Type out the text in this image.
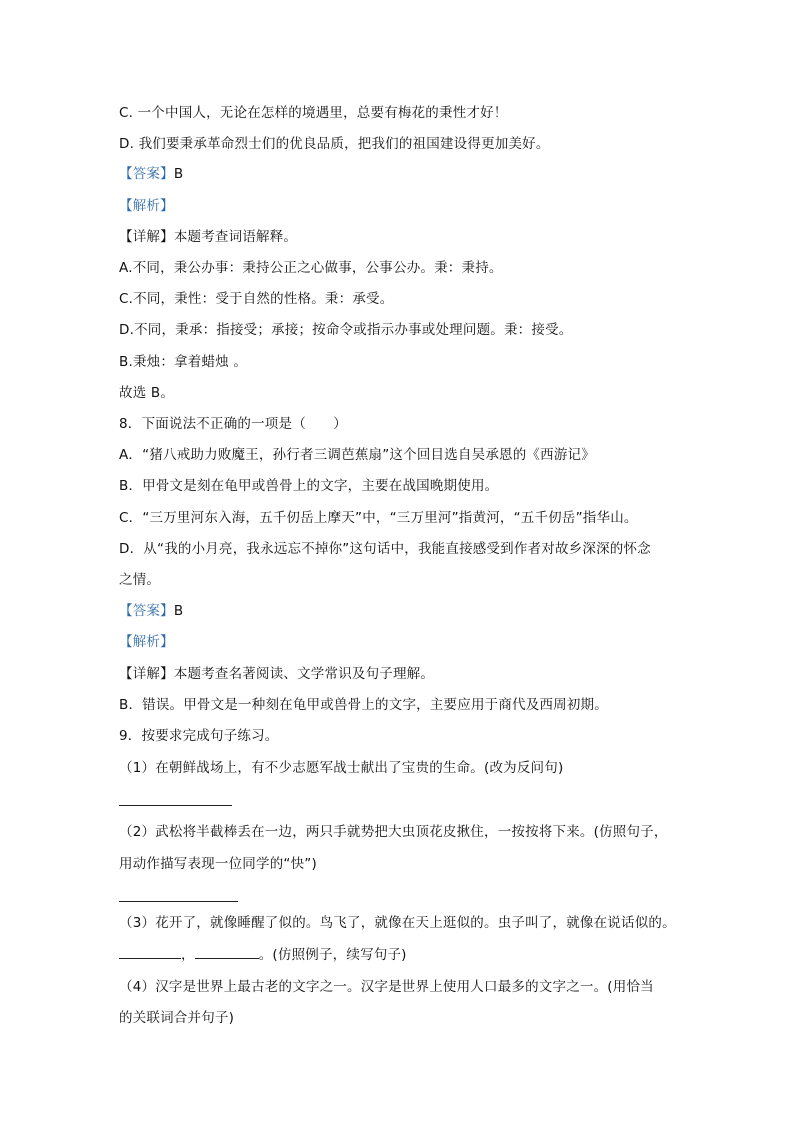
C. 一个中国人，无论在怎样的境遇里，总要有梅花的秉性才好！
D. 我们要秉承革命烈士们的优良品质，把我们的祖国建设得更加美好。
【答案】B
【解析】
【详解】本题考查词语解释。
A.不同，秉公办事：秉持公正之心做事，公事公办。秉：秉持。
C.不同，秉性：受于自然的性格。秉：承受。
D.不同，秉承：指接受；承接；按命令或指示办事或处理问题。秉：接受。
B.秉烛：拿着蜡烛 。
故选 B。
8．下面说法不正确的一项是（　　）
A．“猪八戒助力败魔王，孙行者三调芭蕉扇”这个回目选自吴承恩的《西游记》
B．甲骨文是刻在龟甲或兽骨上的文字，主要在战国晚期使用。
C．“三万里河东入海，五千仞岳上摩天”中，“三万里河”指黄河，“五千仞岳”指华山。
D．从“我的小月亮，我永远忘不掉你”这句话中，我能直接感受到作者对故乡深深的怀念
之情。
【答案】B
【解析】
【详解】本题考查名著阅读、文学常识及句子理解。
B．错误。甲骨文是一种刻在龟甲或兽骨上的文字，主要应用于商代及西周初期。
9．按要求完成句子练习。
（1）在朝鲜战场上，有不少志愿军战士献出了宝贵的生命。(改为反问句)
（2）武松将半截棒丢在一边，两只手就势把大虫顶花皮揪住，一按按将下来。(仿照句子，
用动作描写表现一位同学的“快”)
（3）花开了，就像睡醒了似的。鸟飞了，就像在天上逛似的。虫子叫了，就像在说话似的。
，	。(仿照例子，续写句子)
（4）汉字是世界上最古老的文字之一。汉字是世界上使用人口最多的文字之一。(用恰当
的关联词合并句子)
